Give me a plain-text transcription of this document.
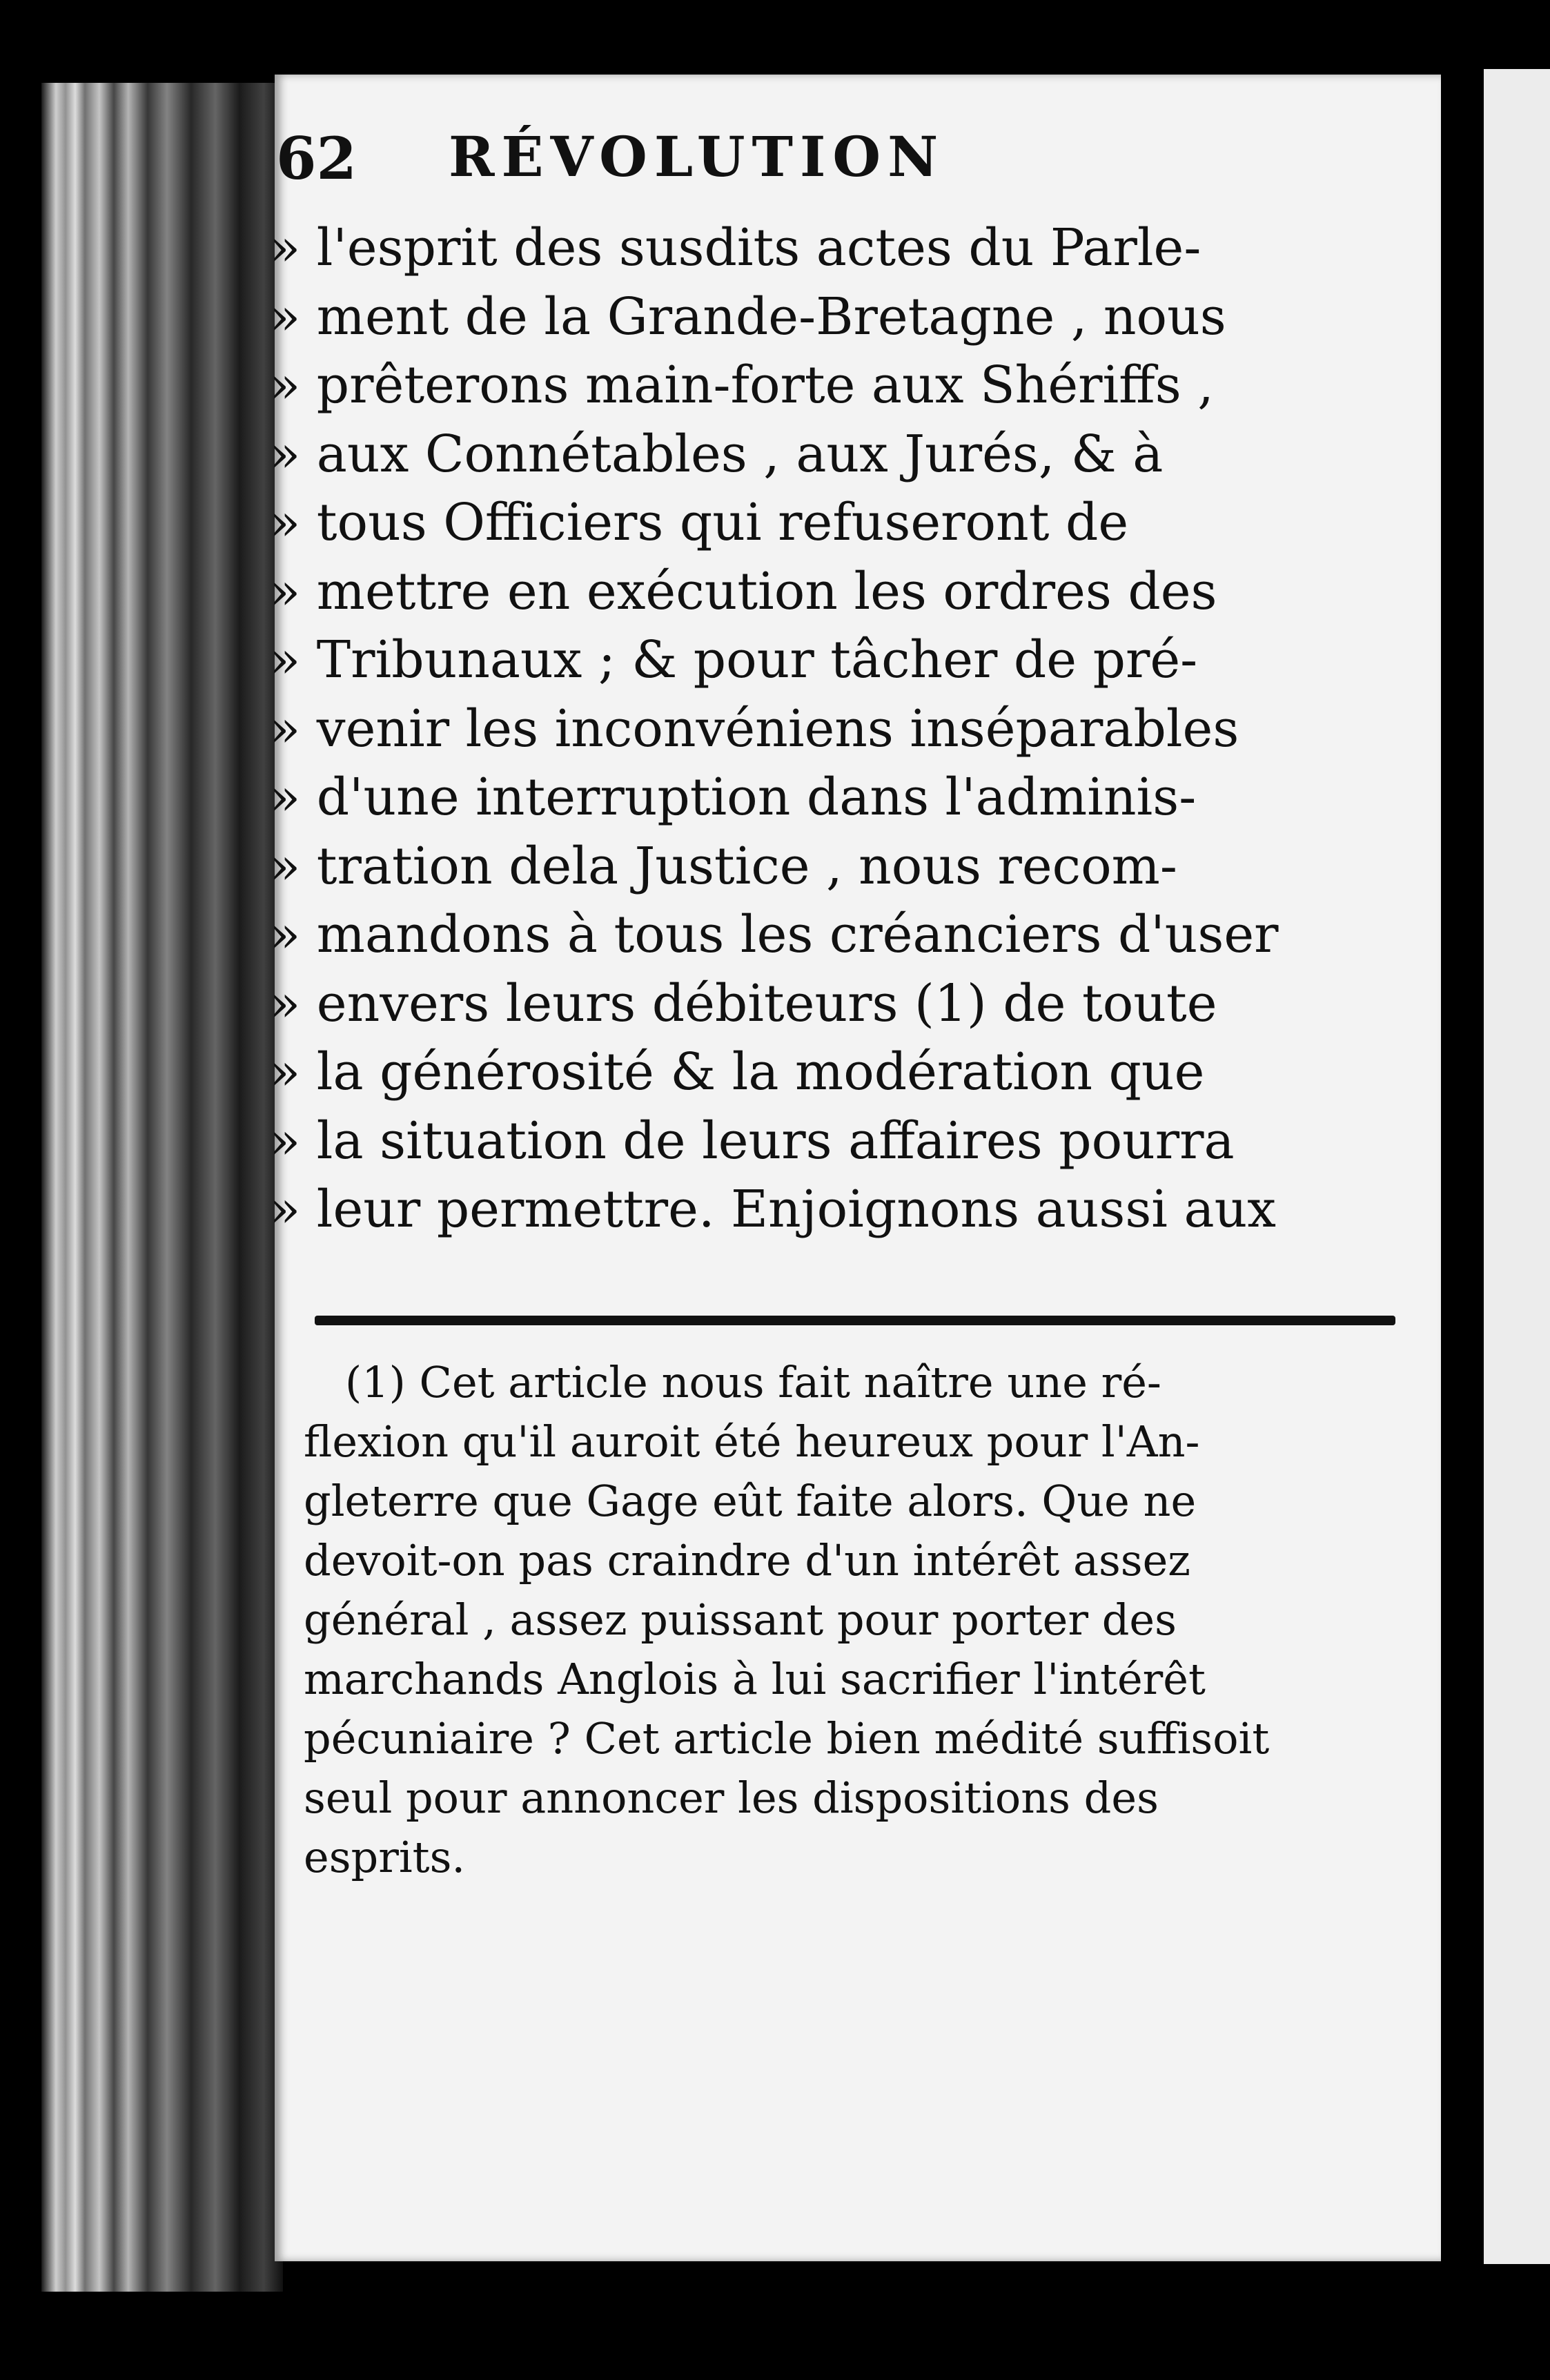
62 RÉVOLUTION
» l'esprit des susdits actes du Parle-
» ment de la Grande-Bretagne , nous
» prêterons main-forte aux Shériffs ,
» aux Connétables , aux Jurés, & à
» tous Officiers qui refuseront de
» mettre en exécution les ordres des
» Tribunaux ; & pour tâcher de pré-
» venir les inconvéniens inséparables
» d'une interruption dans l'adminis-
» tration dela Justice , nous recom-
» mandons à tous les créanciers d'user
» envers leurs débiteurs (1) de toute
» la générosité & la modération que
» la situation de leurs affaires pourra
» leur permettre. Enjoignons aussi aux
(1) Cet article nous fait naître une ré-
flexion qu'il auroit été heureux pour l'An-
gleterre que Gage eût faite alors. Que ne
devoit-on pas craindre d'un intérêt assez
général , assez puissant pour porter des
marchands Anglois à lui sacrifier l'intérêt
pécuniaire ? Cet article bien médité suffisoit
seul pour annoncer les dispositions des
esprits.
